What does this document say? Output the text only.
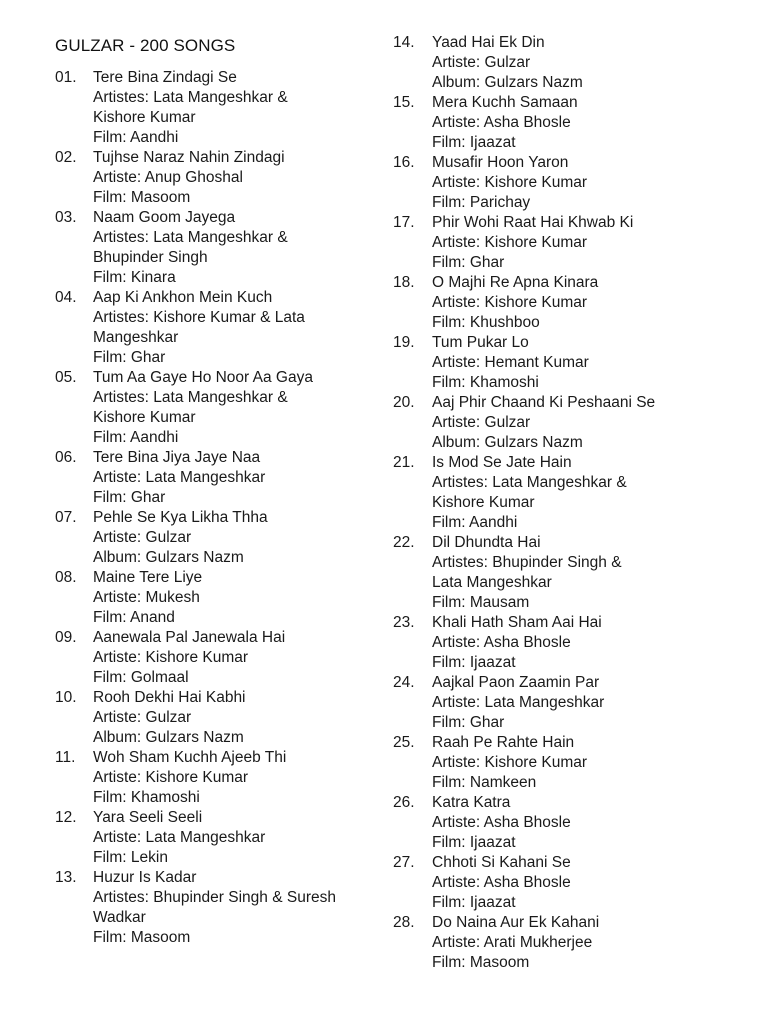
GULZAR - 200 SONGS
01.	Tere Bina Zindagi Se
Artistes: Lata Mangeshkar &
Kishore Kumar
Film: Aandhi
02.	Tujhse Naraz Nahin Zindagi
Artiste: Anup Ghoshal
Film: Masoom
03.	Naam Goom Jayega
Artistes: Lata Mangeshkar &
Bhupinder Singh
Film: Kinara
04.	Aap Ki Ankhon Mein Kuch
Artistes: Kishore Kumar & Lata
Mangeshkar
Film: Ghar
05.	Tum Aa Gaye Ho Noor Aa Gaya
Artistes: Lata Mangeshkar &
Kishore Kumar
Film: Aandhi
06.	Tere Bina Jiya Jaye Naa
Artiste: Lata Mangeshkar
Film: Ghar
07.	Pehle Se Kya Likha Thha
Artiste: Gulzar
Album: Gulzars Nazm
08.	Maine Tere Liye
Artiste: Mukesh
Film: Anand
09.	Aanewala Pal Janewala Hai
Artiste: Kishore Kumar
Film: Golmaal
10.	Rooh Dekhi Hai Kabhi
Artiste: Gulzar
Album: Gulzars Nazm
11.	Woh Sham Kuchh Ajeeb Thi
Artiste: Kishore Kumar
Film: Khamoshi
12.	Yara Seeli Seeli
Artiste: Lata Mangeshkar
Film: Lekin
13.	Huzur Is Kadar
Artistes: Bhupinder Singh & Suresh
Wadkar
Film: Masoom
14.	Yaad Hai Ek Din
Artiste: Gulzar
Album: Gulzars Nazm
15.	Mera Kuchh Samaan
Artiste: Asha Bhosle
Film: Ijaazat
16.	Musafir Hoon Yaron
Artiste: Kishore Kumar
Film: Parichay
17.	Phir Wohi Raat Hai Khwab Ki
Artiste: Kishore Kumar
Film: Ghar
18.	O Majhi Re Apna Kinara
Artiste: Kishore Kumar
Film: Khushboo
19.	Tum Pukar Lo
Artiste: Hemant Kumar
Film: Khamoshi
20.	Aaj Phir Chaand Ki Peshaani Se
Artiste: Gulzar
Album: Gulzars Nazm
21.	Is Mod Se Jate Hain
Artistes: Lata Mangeshkar &
Kishore Kumar
Film: Aandhi
22.	Dil Dhundta Hai
Artistes: Bhupinder Singh &
Lata Mangeshkar
Film: Mausam
23.	Khali Hath Sham Aai Hai
Artiste: Asha Bhosle
Film: Ijaazat
24.	Aajkal Paon Zaamin Par
Artiste: Lata Mangeshkar
Film: Ghar
25.	Raah Pe Rahte Hain
Artiste: Kishore Kumar
Film: Namkeen
26.	Katra Katra
Artiste: Asha Bhosle
Film: Ijaazat
27.	Chhoti Si Kahani Se
Artiste: Asha Bhosle
Film: Ijaazat
28.	Do Naina Aur Ek Kahani
Artiste: Arati Mukherjee
Film: Masoom
